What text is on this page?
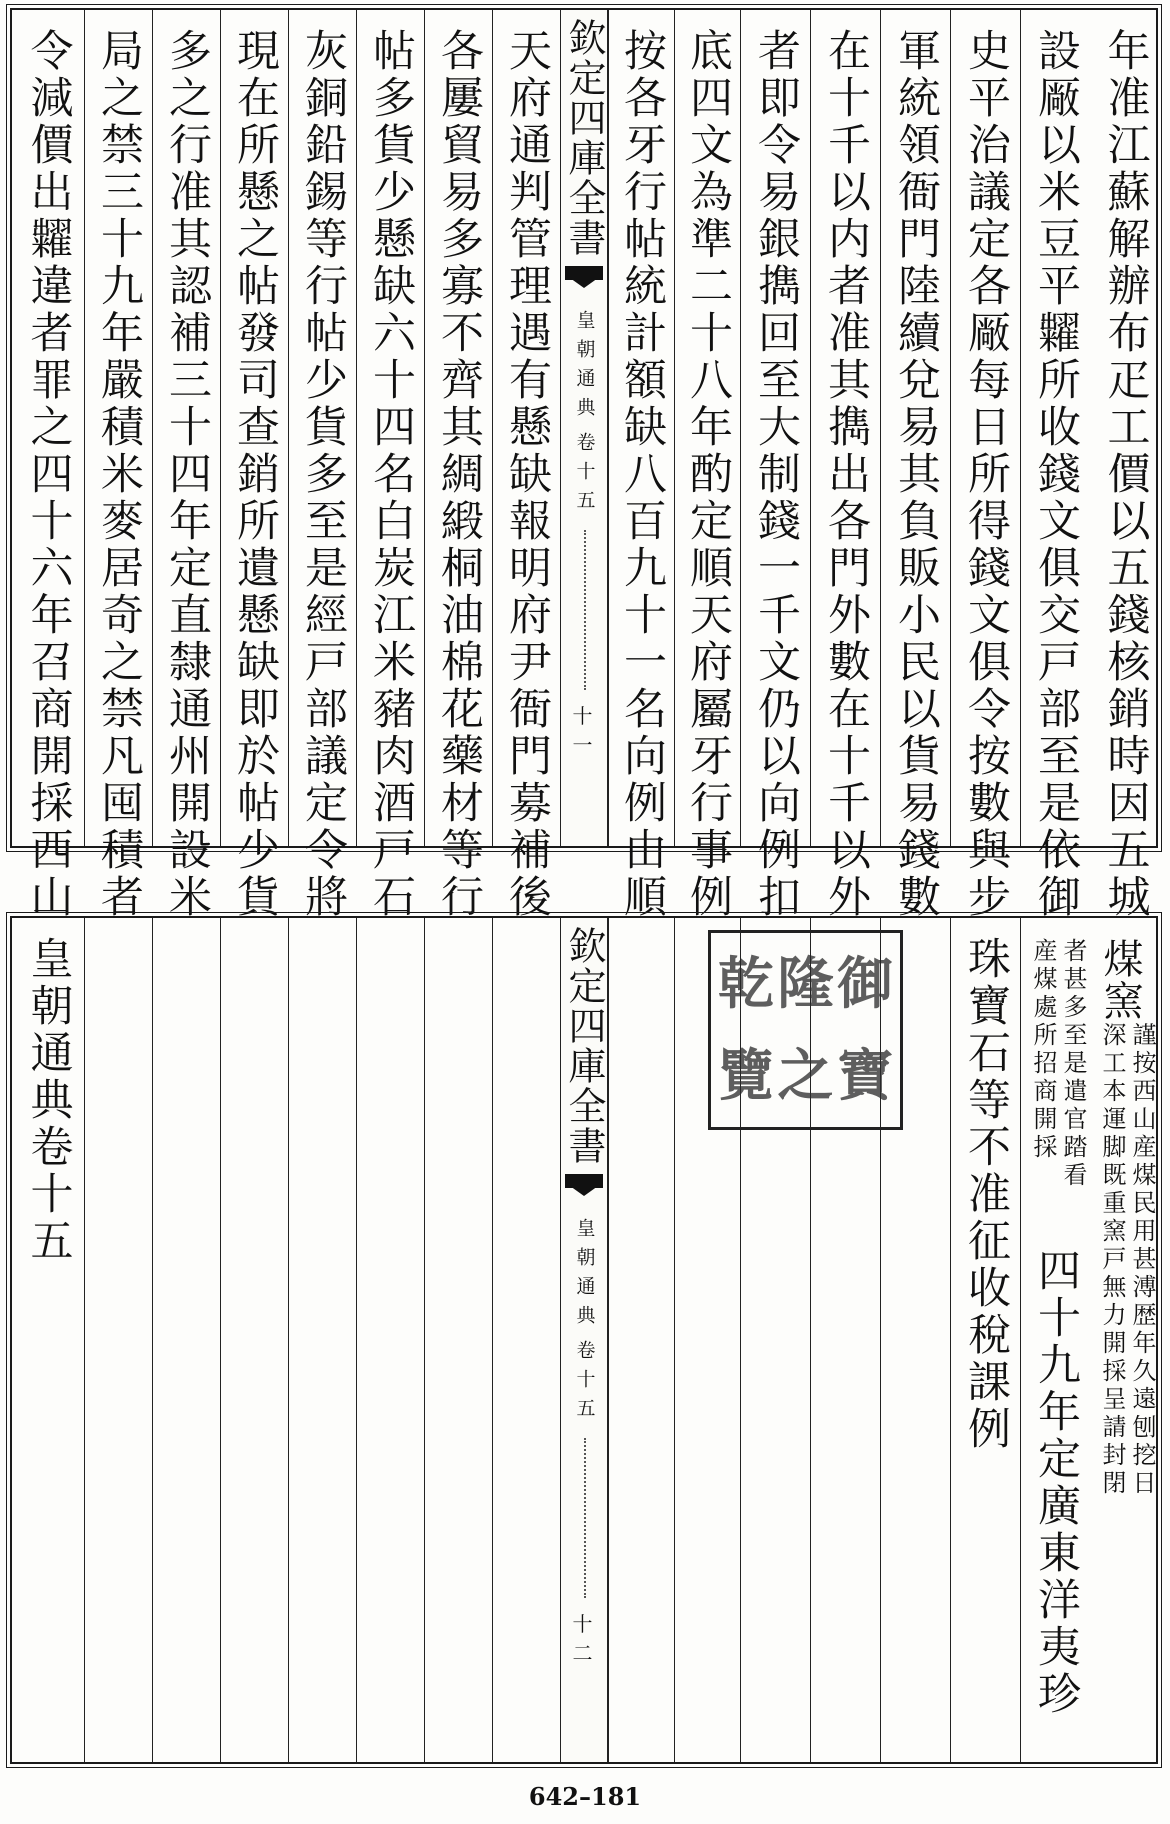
年准江蘇解辦布疋工價以五錢核銷時因五城
設厰以米豆平糶所收錢文俱交戸部至是依御
史平治議定各厰每日所得錢文俱令按數與步
軍統領衙門陸續兌易其負販小民以貨易錢數
在十千以内者准其擕出各門外數在十千以外
者即令易銀擕回至大制錢一千文仍以向例扣
底四文為準二十八年酌定順天府屬牙行事例
按各牙行帖統計額缺八百九十一名向例由順
欽定四庫全書
皇朝通典
卷十五
十一
天府通判管理遇有懸缺報明府尹衙門募補後
各屢貿易多寡不齊其綢緞桐油棉花藥材等行
帖多貨少懸缺六十四名白炭江米豬肉酒戸石
灰銅鉛錫等行帖少貨多至是經戸部議定令將
現在所懸之帖發司查銷所遺懸缺即於帖少貨
多之行准其認補三十四年定直隸通州開設米
局之禁三十九年嚴積米麥居奇之禁凡囤積者
令減價出糶違者罪之四十六年召商開採西山
煤窯
謹按西山産煤民用甚溥歴年久遠刨挖日
深工本運脚既重窯戸無力開採呈請封閉
者甚多至是遣官踏看
産煤處所招商開採
四十九年定廣東洋夷珍
珠寶石等不准征收稅課例
欽定四庫全書
皇朝通典
卷十五
十二
皇朝通典卷十五	乾 隆 御
覽 之 寶
642–181
